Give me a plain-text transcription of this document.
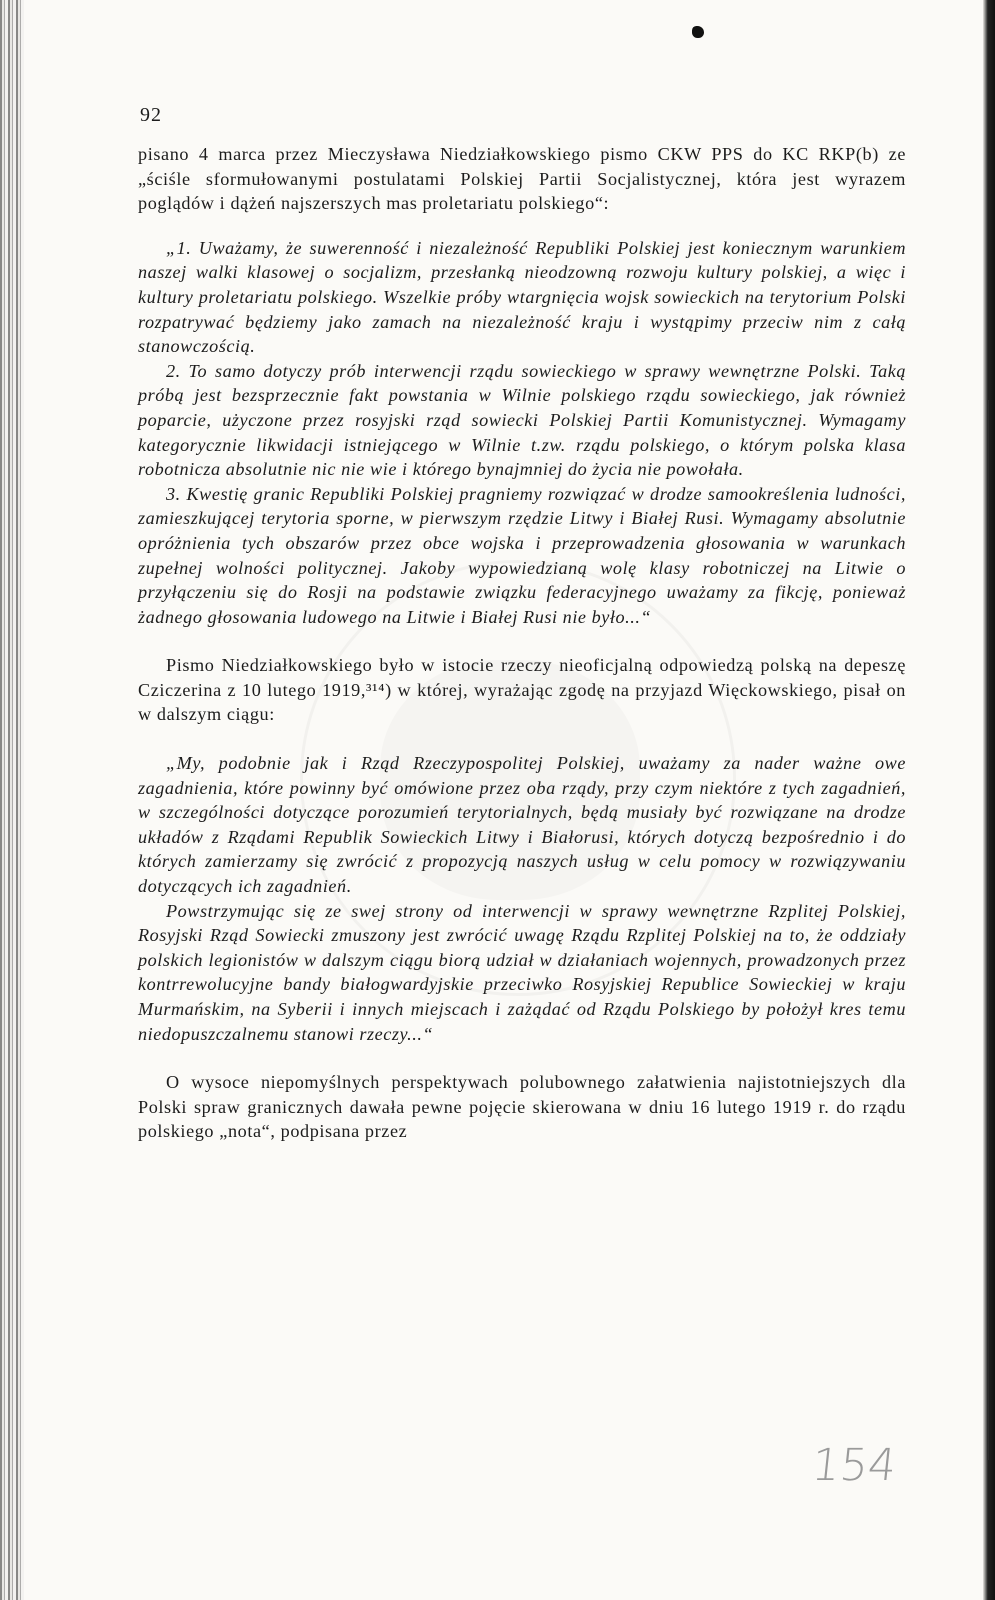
92

pisano 4 marca przez Mieczysława Niedziałkowskiego pismo CKW PPS do KC RKP(b) ze „ściśle sformułowanymi postulatami Polskiej Partii Socjalistycznej, która jest wyrazem poglądów i dążeń najszerszych mas proletariatu polskiego“:

„1. Uważamy, że suwerenność i niezależność Republiki Polskiej jest koniecznym warunkiem naszej walki klasowej o socjalizm, przesłanką nieodzowną rozwoju kultury polskiej, a więc i kultury proletariatu polskiego. Wszelkie próby wtargnięcia wojsk sowieckich na terytorium Polski rozpatrywać będziemy jako zamach na niezależność kraju i wystąpimy przeciw nim z całą stanowczością.

2. To samo dotyczy prób interwencji rządu sowieckiego w sprawy wewnętrzne Polski. Taką próbą jest bezsprzecznie fakt powstania w Wilnie polskiego rządu sowieckiego, jak również poparcie, użyczone przez rosyjski rząd sowiecki Polskiej Partii Komunistycznej. Wymagamy kategorycznie likwidacji istniejącego w Wilnie t.zw. rządu polskiego, o którym polska klasa robotnicza absolutnie nic nie wie i którego bynajmniej do życia nie powołała.

3. Kwestię granic Republiki Polskiej pragniemy rozwiązać w drodze samookreślenia ludności, zamieszkującej terytoria sporne, w pierwszym rzędzie Litwy i Białej Rusi. Wymagamy absolutnie opróżnienia tych obszarów przez obce wojska i przeprowadzenia głosowania w warunkach zupełnej wolności politycznej. Jakoby wypowiedzianą wolę klasy robotniczej na Litwie o przyłączeniu się do Rosji na podstawie związku federacyjnego uważamy za fikcję, ponieważ żadnego głosowania ludowego na Litwie i Białej Rusi nie było...“

Pismo Niedziałkowskiego było w istocie rzeczy nieoficjalną odpowiedzą polską na depeszę Cziczerina z 10 lutego 1919,³¹⁴) w której, wyrażając zgodę na przyjazd Więckowskiego, pisał on w dalszym ciągu:

„My, podobnie jak i Rząd Rzeczypospolitej Polskiej, uważamy za nader ważne owe zagadnienia, które powinny być omówione przez oba rządy, przy czym niektóre z tych zagadnień, w szczególności dotyczące porozumień terytorialnych, będą musiały być rozwiązane na drodze układów z Rządami Republik Sowieckich Litwy i Białorusi, których dotyczą bezpośrednio i do których zamierzamy się zwrócić z propozycją naszych usług w celu pomocy w rozwiązywaniu dotyczących ich zagadnień.

Powstrzymując się ze swej strony od interwencji w sprawy wewnętrzne Rzplitej Polskiej, Rosyjski Rząd Sowiecki zmuszony jest zwrócić uwagę Rządu Rzplitej Polskiej na to, że oddziały polskich legionistów w dalszym ciągu biorą udział w działaniach wojennych, prowadzonych przez kontrrewolucyjne bandy białogwardyjskie przeciwko Rosyjskiej Republice Sowieckiej w kraju Murmańskim, na Syberii i innych miejscach i zażądać od Rządu Polskiego by położył kres temu niedopuszczalnemu stanowi rzeczy...“

O wysoce niepomyślnych perspektywach polubownego załatwienia najistotniejszych dla Polski spraw granicznych dawała pewne pojęcie skierowana w dniu 16 lutego 1919 r. do rządu polskiego „nota“, podpisana przez

154
